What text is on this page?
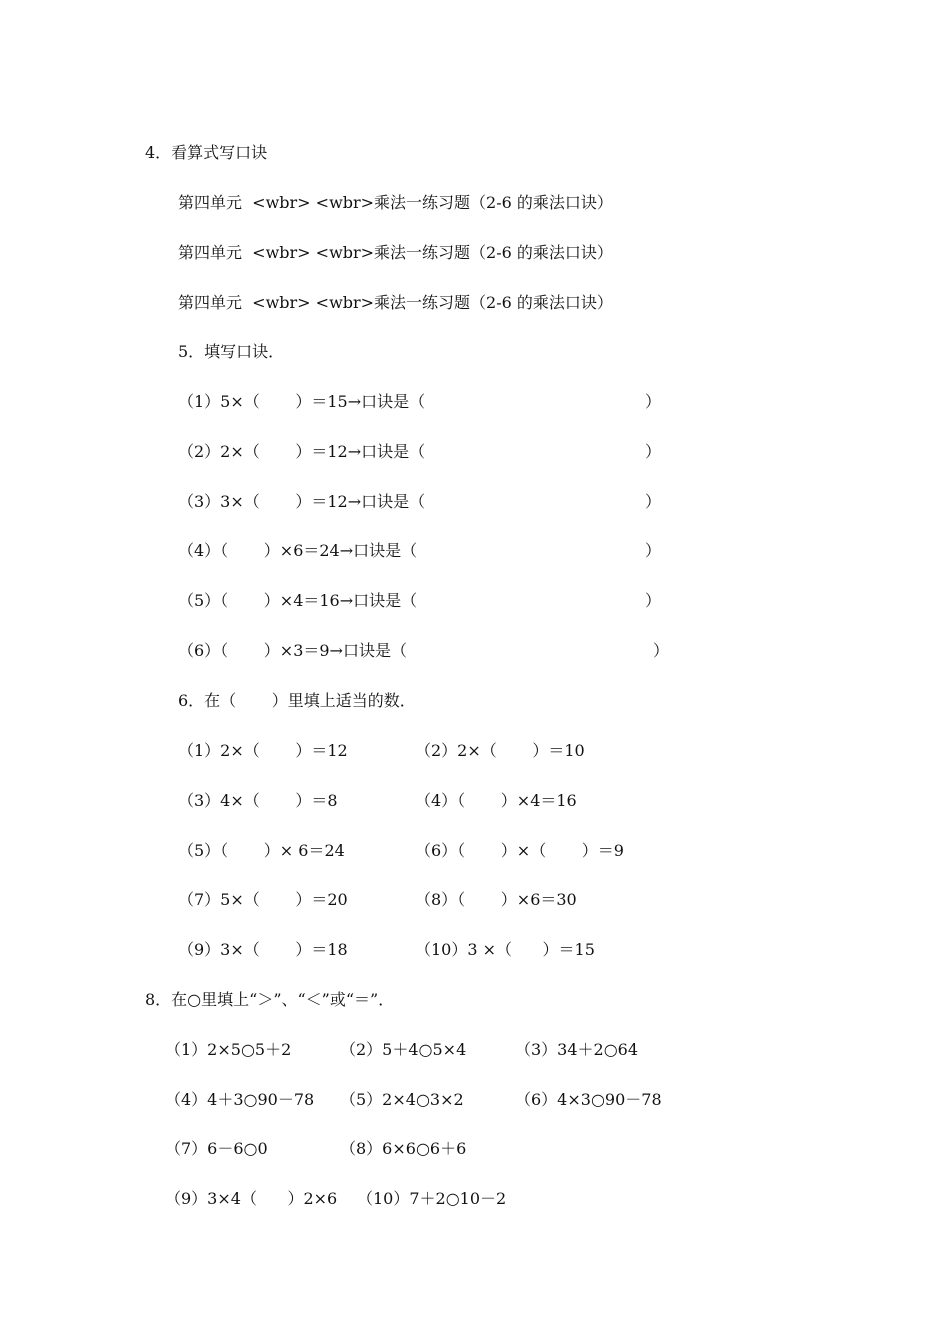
4．看算式写口诀
第四单元  <wbr> <wbr>乘法一练习题（2-6 的乘法口诀）
第四单元  <wbr> <wbr>乘法一练习题（2-6 的乘法口诀）
第四单元  <wbr> <wbr>乘法一练习题（2-6 的乘法口诀）
5．填写口诀．
（1）5×（       ）＝15→口诀是（	）
（2）2×（       ）＝12→口诀是（	）
（3）3×（       ）＝12→口诀是（	）
（4）（       ）×6＝24→口诀是（	）
（5）（       ）×4＝16→口诀是（	）
（6）（       ）×3＝9→口诀是（	）
6．在（       ）里填上适当的数．
（1）2×（       ）＝12	（2）2×（       ）＝10
（3）4×（       ）＝8	（4）（       ）×4＝16
（5）（       ）× 6＝24	（6）（       ）×（       ）＝9
（7）5×（       ）＝20	（8）（       ）×6＝30
（9）3×（       ）＝18	（10）3 ×（      ）＝15
8．在○里填上“＞”、“＜”或“＝”．
（1）2×5○5＋2	（2）5＋4○5×4	（3）34＋2○64
（4）4＋3○90－78 （5）2×4○3×2	（6）4×3○90－78
（7）6－6○0	（8）6×6○6＋6
（9）3×4（      ）2×6 （10）7＋2○10－2
